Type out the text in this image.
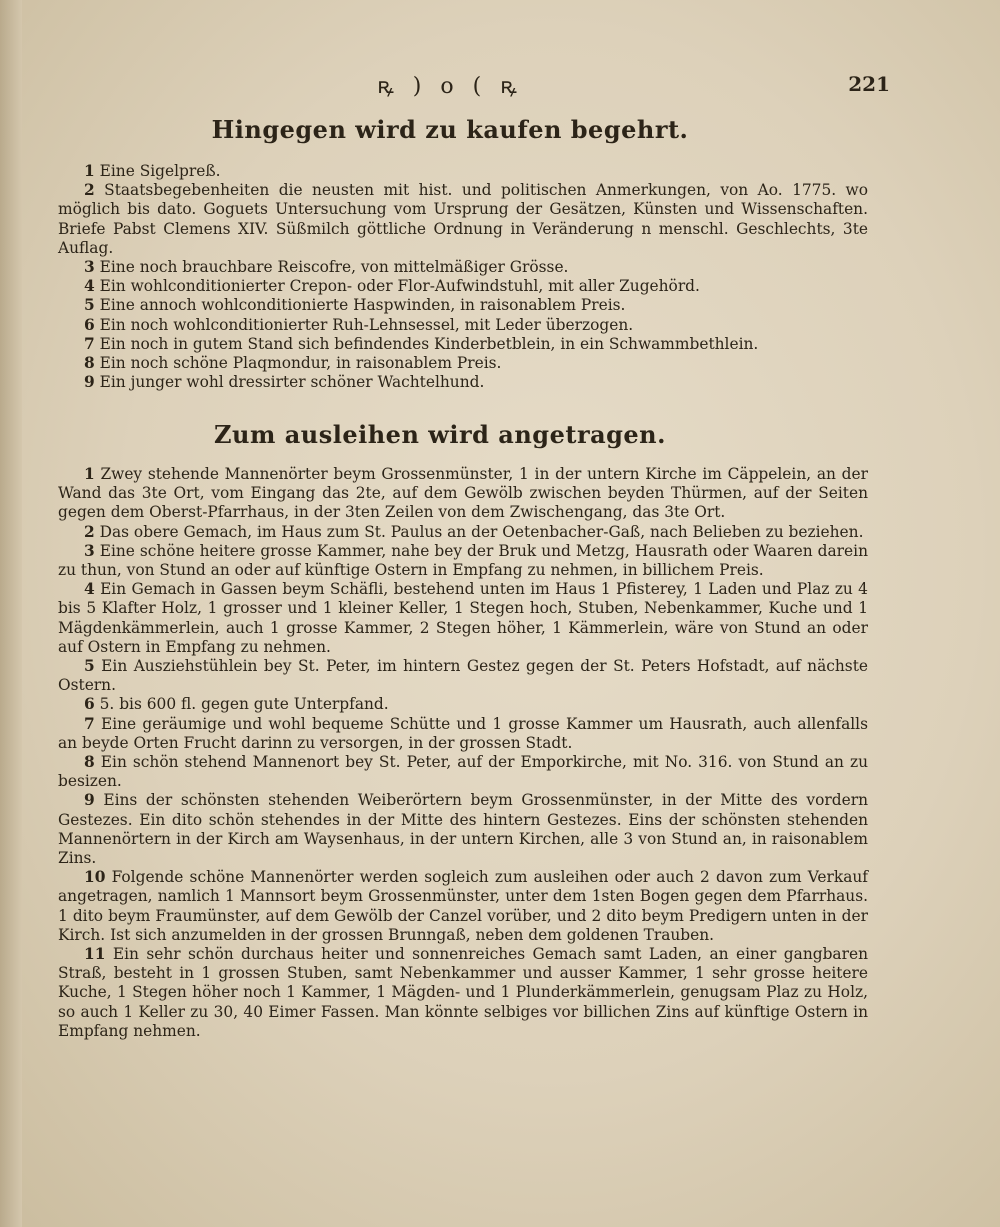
ꝶ ) o ( ꝶ	221
Hingegen wird zu kaufen begehrt.

1 Eine Sigelpreß.

2 Staatsbegebenheiten die neusten mit hist. und politischen Anmerkungen, von Ao. 1775. wo möglich bis dato. Goguets Untersuchung vom Ursprung der Gesätzen, Künsten und Wissenschaften. Briefe Pabst Clemens XIV. Süßmilch göttliche Ordnung in Veränderung n menschl. Geschlechts, 3te Auflag.

3 Eine noch brauchbare Reiscofre, von mittelmäßiger Grösse.

4 Ein wohlconditionierter Crepon- oder Flor-Aufwindstuhl, mit aller Zugehörd.

5 Eine annoch wohlconditionierte Haspwinden, in raisonablem Preis.

6 Ein noch wohlconditionierter Ruh-Lehnsessel, mit Leder überzogen.

7 Ein noch in gutem Stand sich befindendes Kinderbetblein, in ein Schwammbethlein.

8 Ein noch schöne Plaqmondur, in raisonablem Preis.

9 Ein junger wohl dressirter schöner Wachtelhund.

Zum ausleihen wird angetragen.

1 Zwey stehende Mannenörter beym Grossenmünster, 1 in der untern Kirche im Cäppelein, an der Wand das 3te Ort, vom Eingang das 2te, auf dem Gewölb zwischen beyden Thürmen, auf der Seiten gegen dem Oberst-Pfarrhaus, in der 3ten Zeilen von dem Zwischengang, das 3te Ort.

2 Das obere Gemach, im Haus zum St. Paulus an der Oetenbacher-Gaß, nach Belieben zu beziehen.

3 Eine schöne heitere grosse Kammer, nahe bey der Bruk und Metzg, Hausrath oder Waaren darein zu thun, von Stund an oder auf künftige Ostern in Empfang zu nehmen, in billichem Preis.

4 Ein Gemach in Gassen beym Schäfli, bestehend unten im Haus 1 Pfisterey, 1 Laden und Plaz zu 4 bis 5 Klafter Holz, 1 grosser und 1 kleiner Keller, 1 Stegen hoch, Stuben, Nebenkammer, Kuche und 1 Mägdenkämmerlein, auch 1 grosse Kammer, 2 Stegen höher, 1 Kämmerlein, wäre von Stund an oder auf Ostern in Empfang zu nehmen.

5 Ein Ausziehstühlein bey St. Peter, im hintern Gestez gegen der St. Peters Hofstadt, auf nächste Ostern.

6 5. bis 600 fl. gegen gute Unterpfand.

7 Eine geräumige und wohl bequeme Schütte und 1 grosse Kammer um Hausrath, auch allenfalls an beyde Orten Frucht darinn zu versorgen, in der grossen Stadt.

8 Ein schön stehend Mannenort bey St. Peter, auf der Emporkirche, mit No. 316. von Stund an zu besizen.

9 Eins der schönsten stehenden Weiberörtern beym Grossenmünster, in der Mitte des vordern Gestezes. Ein dito schön stehendes in der Mitte des hintern Gestezes. Eins der schönsten stehenden Mannenörtern in der Kirch am Waysenhaus, in der untern Kirchen, alle 3 von Stund an, in raisonablem Zins.

10 Folgende schöne Mannenörter werden sogleich zum ausleihen oder auch 2 davon zum Verkauf angetragen, namlich 1 Mannsort beym Grossenmünster, unter dem 1sten Bogen gegen dem Pfarrhaus. 1 dito beym Fraumünster, auf dem Gewölb der Canzel vorüber, und 2 dito beym Predigern unten in der Kirch. Ist sich anzumelden in der grossen Brunngaß, neben dem goldenen Trauben.

11 Ein sehr schön durchaus heiter und sonnenreiches Gemach samt Laden, an einer gangbaren Straß, besteht in 1 grossen Stuben, samt Nebenkammer und ausser Kammer, 1 sehr grosse heitere Kuche, 1 Stegen höher noch 1 Kammer, 1 Mägden- und 1 Plunderkämmerlein, genugsam Plaz zu Holz, so auch 1 Keller zu 30, 40 Eimer Fassen. Man könnte selbiges vor billichen Zins auf künftige Ostern in Empfang nehmen.
